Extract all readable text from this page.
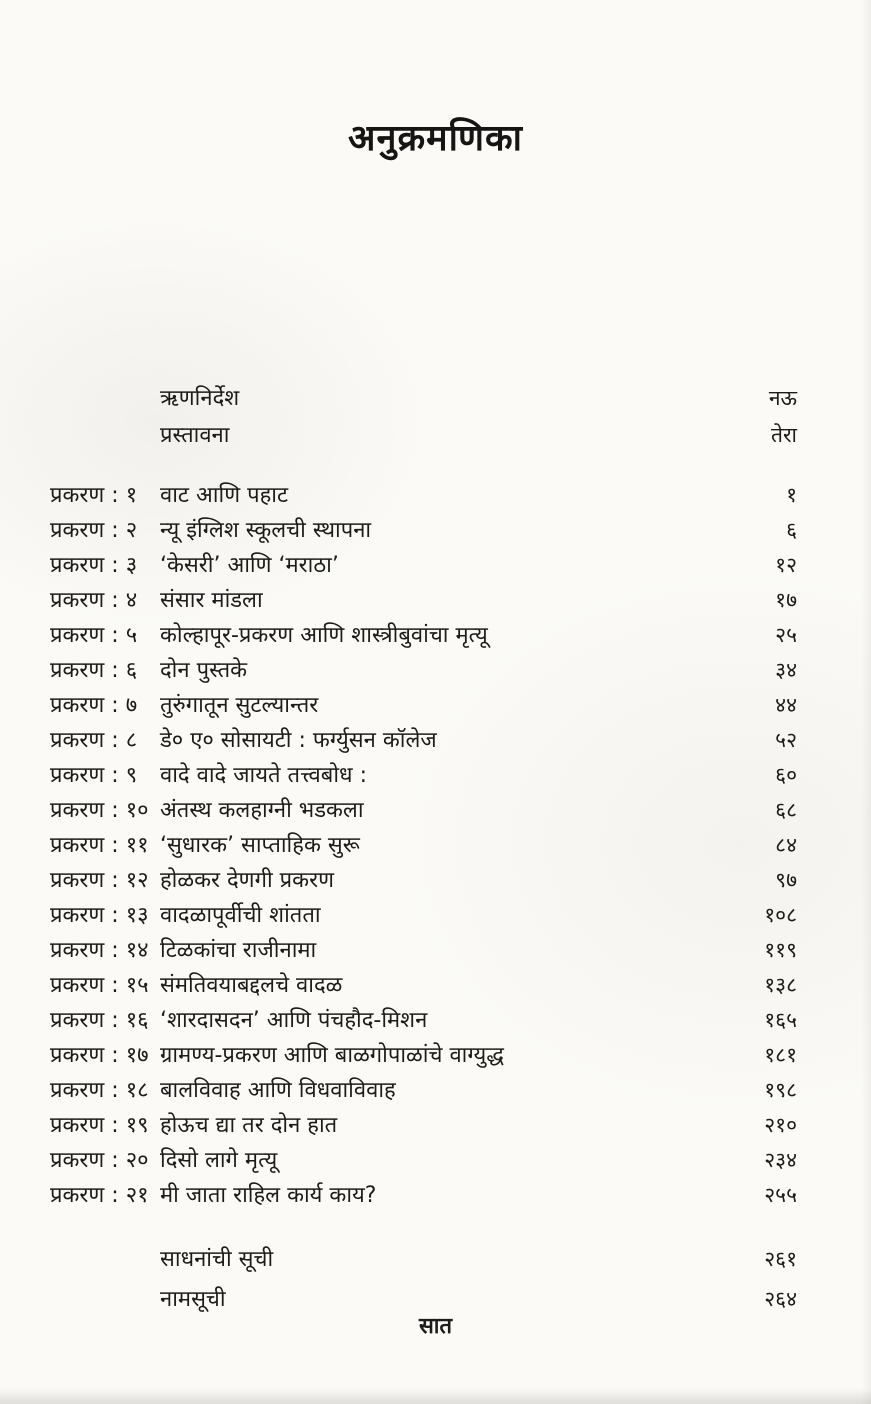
अनुक्रमणिका
ऋणनिर्देश	नऊ
प्रस्तावना	तेरा
प्रकरण : १	वाट आणि पहाट	१
प्रकरण : २	न्यू इंग्लिश स्कूलची स्थापना	६
प्रकरण : ३	‘केसरी’ आणि ‘मराठा’	१२
प्रकरण : ४	संसार मांडला	१७
प्रकरण : ५	कोल्हापूर-प्रकरण आणि शास्त्रीबुवांचा मृत्यू	२५
प्रकरण : ६	दोन पुस्तके	३४
प्रकरण : ७	तुरुंगातून सुटल्यान्तर	४४
प्रकरण : ८	डे० ए० सोसायटी : फर्ग्युसन कॉलेज	५२
प्रकरण : ९	वादे वादे जायते तत्त्वबोध :	६०
प्रकरण : १० अंतस्थ कलहाग्नी भडकला	६८
प्रकरण : ११ ‘सुधारक’ साप्ताहिक सुरू	८४
प्रकरण : १२ होळकर देणगी प्रकरण	९७
प्रकरण : १३ वादळापूर्वीची शांतता	१०८
प्रकरण : १४ टिळकांचा राजीनामा	११९
प्रकरण : १५ संमतिवयाबद्दलचे वादळ	१३८
प्रकरण : १६ ‘शारदासदन’ आणि पंचहौद-मिशन	१६५
प्रकरण : १७ ग्रामण्य-प्रकरण आणि बाळगोपाळांचे वाग्युद्ध	१८१
प्रकरण : १८ बालविवाह आणि विधवाविवाह	१९८
प्रकरण : १९ होऊच द्या तर दोन हात	२१०
प्रकरण : २० दिसो लागे मृत्यू	२३४
प्रकरण : २१ मी जाता राहिल कार्य काय?	२५५
साधनांची सूची	२६१
नामसूची	२६४
सात
